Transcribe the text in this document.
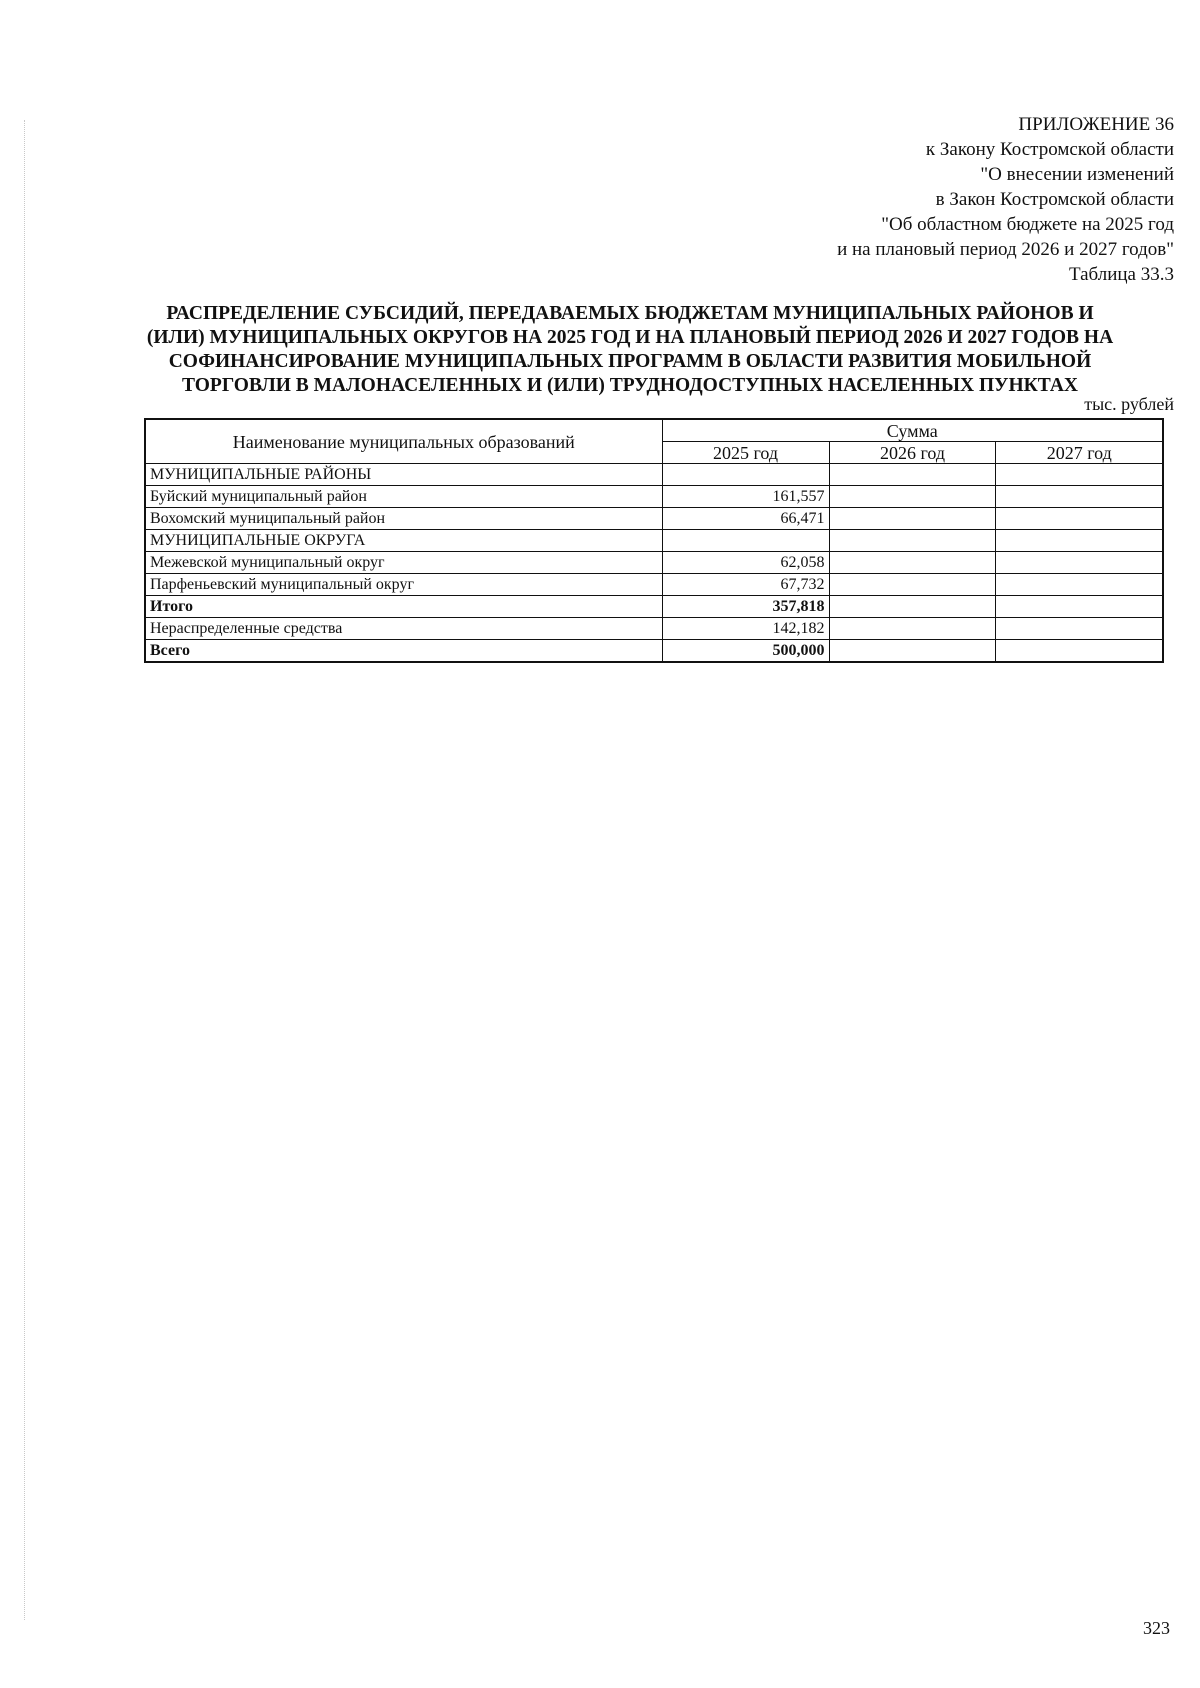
ПРИЛОЖЕНИЕ 36
к Закону Костромской области
"О внесении изменений
в Закон Костромской области
"Об областном бюджете на 2025 год
и на плановый период 2026 и 2027 годов"
Таблица 33.3
РАСПРЕДЕЛЕНИЕ СУБСИДИЙ, ПЕРЕДАВАЕМЫХ БЮДЖЕТАМ МУНИЦИПАЛЬНЫХ РАЙОНОВ И
(ИЛИ) МУНИЦИПАЛЬНЫХ ОКРУГОВ НА 2025 ГОД И НА ПЛАНОВЫЙ ПЕРИОД 2026 И 2027 ГОДОВ НА
СОФИНАНСИРОВАНИЕ МУНИЦИПАЛЬНЫХ ПРОГРАММ В ОБЛАСТИ РАЗВИТИЯ МОБИЛЬНОЙ
ТОРГОВЛИ В МАЛОНАСЕЛЕННЫХ И (ИЛИ) ТРУДНОДОСТУПНЫХ НАСЕЛЕННЫХ ПУНКТАХ
тыс. рублей
Наименование муниципальных образований	Сумма		
	2025 год	2026 год	2027 год
МУНИЦИПАЛЬНЫЕ РАЙОНЫ			
Буйский муниципальный район	161,557		
Вохомский муниципальный район	66,471		
МУНИЦИПАЛЬНЫЕ ОКРУГА			
Межевской муниципальный округ	62,058		
Парфеньевский муниципальный округ	67,732		
Итого	357,818		
Нераспределенные средства	142,182		
Всего	500,000		
323
